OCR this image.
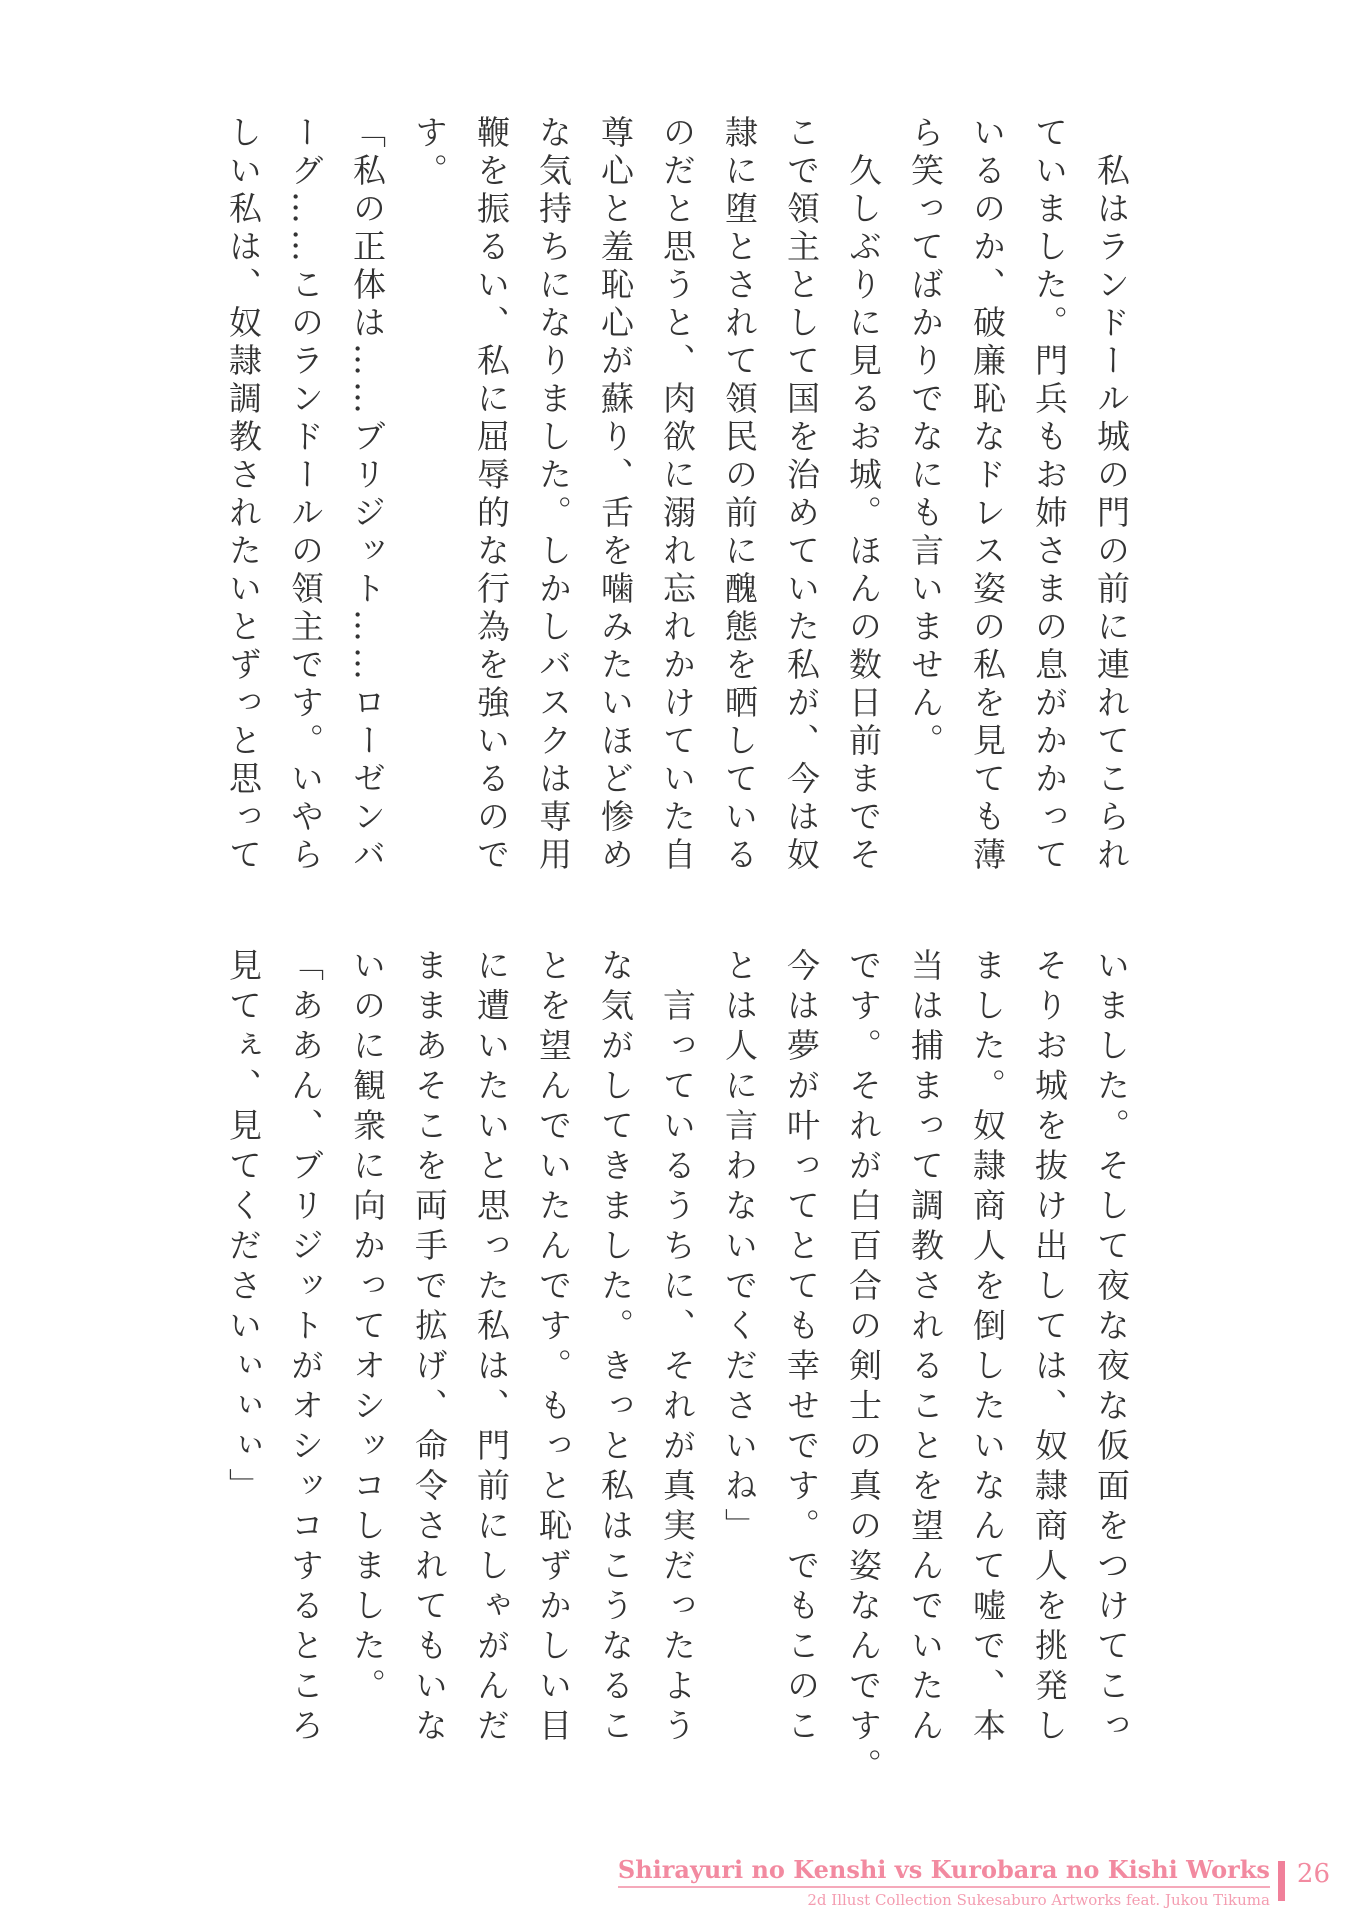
私はランドール城の門の前に連れてこられ

ていました。門兵もお姉さまの息がかかって

いるのか、破廉恥なドレス姿の私を見ても薄

ら笑ってばかりでなにも言いません。

久しぶりに見るお城。ほんの数日前までそ

こで領主として国を治めていた私が、今は奴

隷に堕とされて領民の前に醜態を晒している

のだと思うと、肉欲に溺れ忘れかけていた自

尊心と羞恥心が蘇り、舌を噛みたいほど惨め

な気持ちになりました。しかしバスクは専用

鞭を振るい、私に屈辱的な行為を強いるので

す。

「私の正体は……ブリジット……ローゼンバ

ーグ……このランドールの領主です。いやら

しい私は、奴隷調教されたいとずっと思って

いました。そして夜な夜な仮面をつけてこっ

そりお城を抜け出しては、奴隷商人を挑発し

ました。奴隷商人を倒したいなんて嘘で、本

当は捕まって調教されることを望んでいたん

です。それが白百合の剣士の真の姿なんです。

今は夢が叶ってとても幸せです。でもこのこ

とは人に言わないでくださいね」

言っているうちに、それが真実だったよう

な気がしてきました。きっと私はこうなるこ

とを望んでいたんです。もっと恥ずかしい目

に遭いたいと思った私は、門前にしゃがんだ

ままあそこを両手で拡げ、命令されてもいな

いのに観衆に向かってオシッコしました。

「ああん、ブリジットがオシッコするところ

見てぇ、見てくださいぃぃぃ」

Shirayuri no Kenshi vs Kurobara no Kishi Works
2d Illust Collection Sukesaburo Artworks feat. Jukou Tikuma
26
